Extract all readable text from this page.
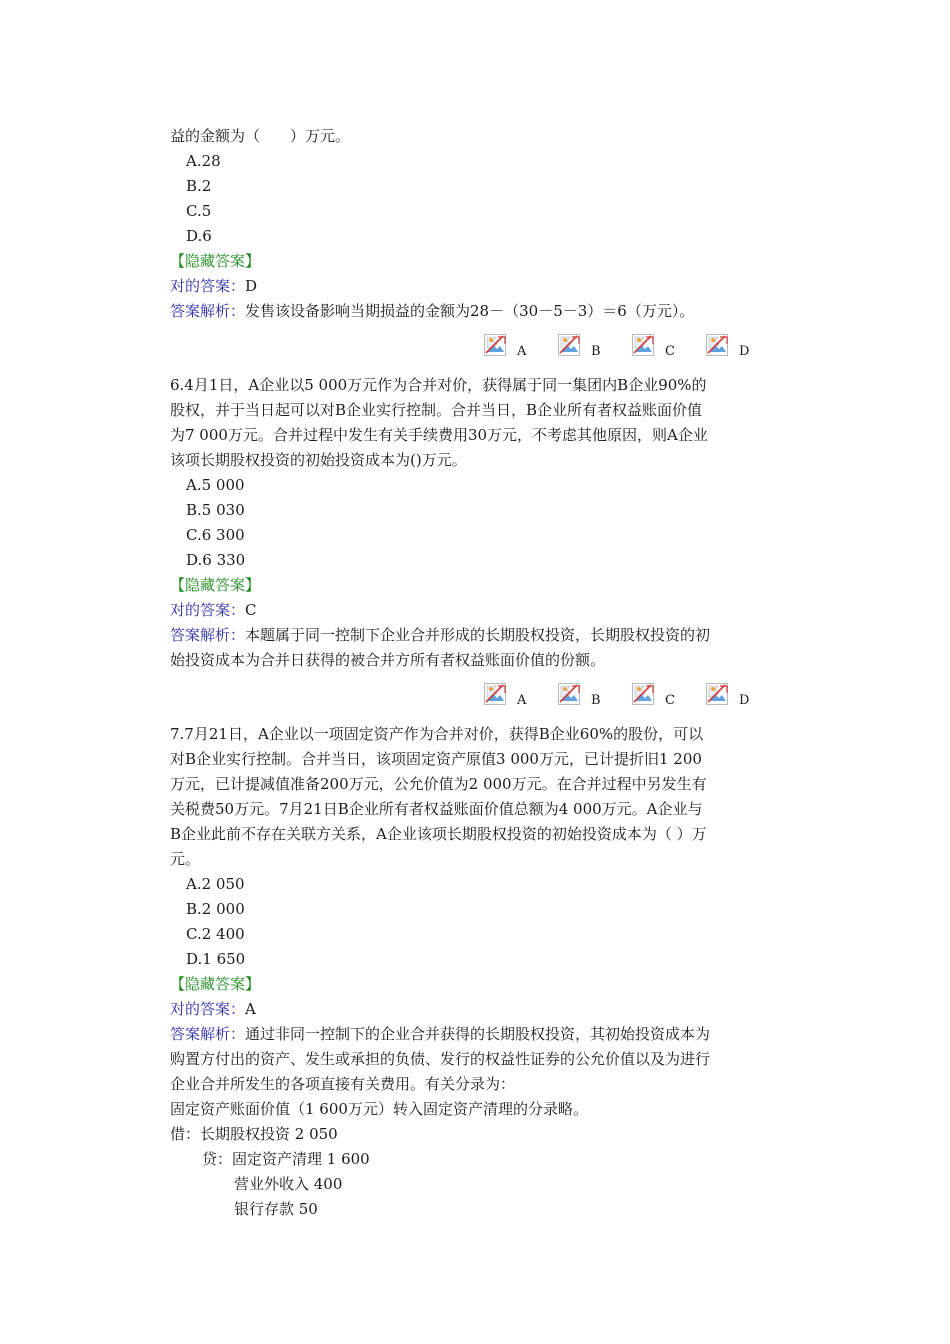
益的金额为（　　）万元。
A.28
B.2
C.5
D.6
【隐藏答案】
对的答案：D
答案解析：发售该设备影响当期损益的金额为28－（30－5－3）＝6（万元）。
A	B	C	D
6.4月1日，A企业以5 000万元作为合并对价，获得属于同一集团内B企业90%的
股权，并于当日起可以对B企业实行控制。合并当日，B企业所有者权益账面价值
为7 000万元。合并过程中发生有关手续费用30万元，不考虑其他原因，则A企业
该项长期股权投资的初始投资成本为()万元。
A.5 000
B.5 030
C.6 300
D.6 330
【隐藏答案】
对的答案：C
答案解析：本题属于同一控制下企业合并形成的长期股权投资，长期股权投资的初
始投资成本为合并日获得的被合并方所有者权益账面价值的份额。
A	B	C	D
7.7月21日，A企业以一项固定资产作为合并对价，获得B企业60%的股份，可以
对B企业实行控制。合并当日，该项固定资产原值3 000万元，已计提折旧1 200
万元，已计提减值准备200万元，公允价值为2 000万元。在合并过程中另发生有
关税费50万元。7月21日B企业所有者权益账面价值总额为4 000万元。A企业与
B企业此前不存在关联方关系，A企业该项长期股权投资的初始投资成本为（ ）万
元。
A.2 050
B.2 000
C.2 400
D.1 650
【隐藏答案】
对的答案：A
答案解析：通过非同一控制下的企业合并获得的长期股权投资，其初始投资成本为
购置方付出的资产、发生或承担的负债、发行的权益性证券的公允价值以及为进行
企业合并所发生的各项直接有关费用。有关分录为：
固定资产账面价值（1 600万元）转入固定资产清理的分录略。
借：长期股权投资 2 050
贷：固定资产清理 1 600
营业外收入 400
银行存款 50
